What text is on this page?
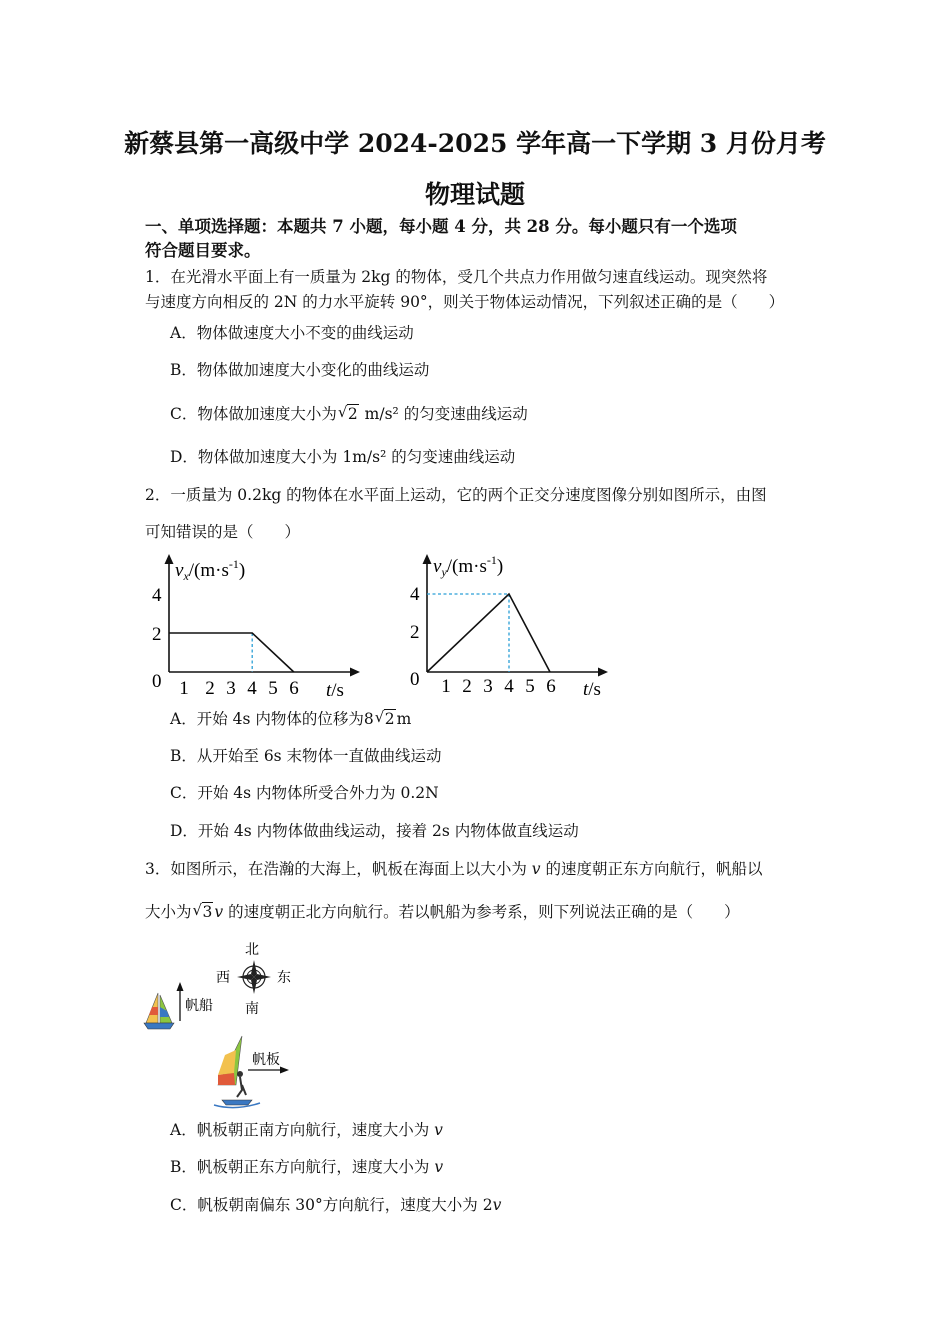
新蔡县第一高级中学 2024-2025 学年高一下学期 3 月份月考
物理试题
一、单项选择题：本题共 7 小题，每小题 4 分，共 28 分。每小题只有一个选项
符合题目要求。
1．在光滑水平面上有一质量为 2kg 的物体，受几个共点力作用做匀速直线运动。现突然将
与速度方向相反的 2N 的力水平旋转 90°，则关于物体运动情况，下列叙述正确的是（　　）
A．物体做速度大小不变的曲线运动
B．物体做加速度大小变化的曲线运动
C．物体做加速度大小为 √ 2 m/s² 的匀变速曲线运动
D．物体做加速度大小为 1m/s² 的匀变速曲线运动
2．一质量为 0.2kg 的物体在水平面上运动，它的两个正交分速度图像分别如图所示，由图
可知错误的是（　　）
$v_x/(m\cdot s^{-1})$
4
2
0 1 2 3 4 5 6 t/s
$v_y/(m\cdot s^{-1})$
4
2
0 1 2 3 4 5 6 t/s
A．开始 4s 内物体的位移为8 √ 2 m
B．从开始至 6s 末物体一直做曲线运动
C．开始 4s 内物体所受合外力为 0.2N
D．开始 4s 内物体做曲线运动，接着 2s 内物体做直线运动
3．如图所示，在浩瀚的大海上，帆板在海面上以大小为 v 的速度朝正东方向航行，帆船以
大小为 √ 3 v 的速度朝正北方向航行。若以帆船为参考系，则下列说法正确的是（　　）
北
南
东
西
帆船
帆板
A．帆板朝正南方向航行，速度大小为 v
B．帆板朝正东方向航行，速度大小为 v
C．帆板朝南偏东 30°方向航行，速度大小为 2v
